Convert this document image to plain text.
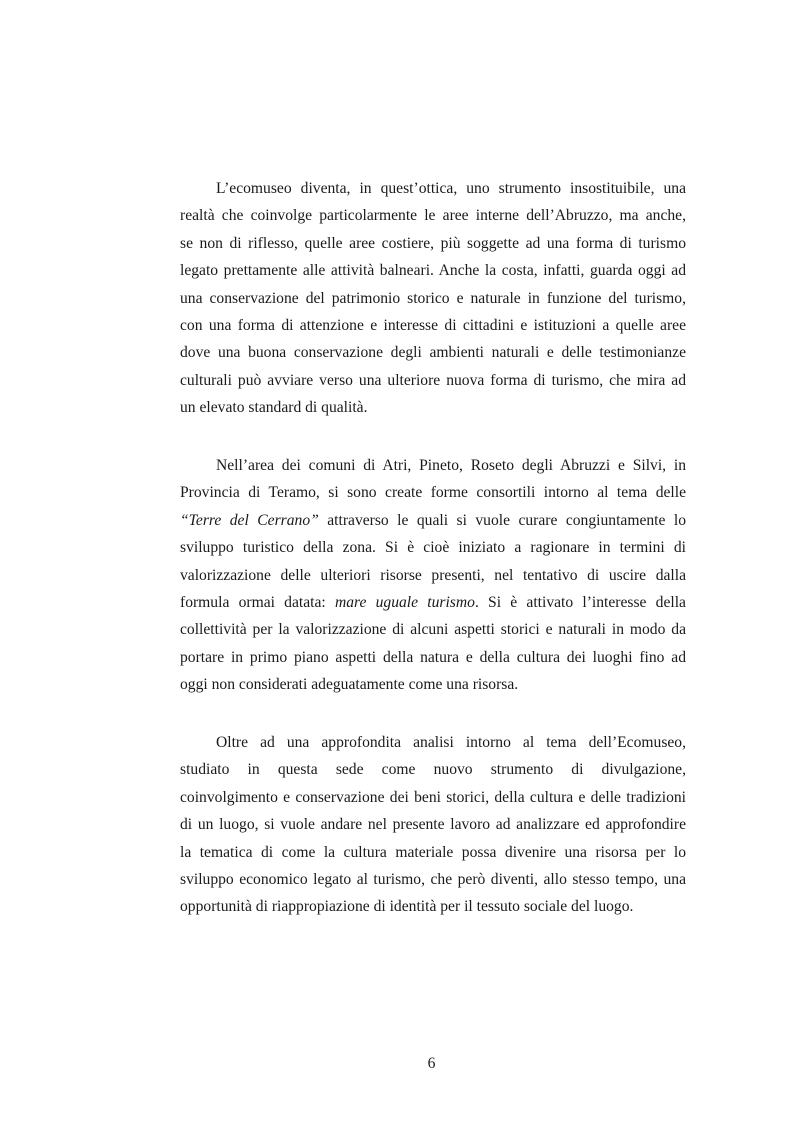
L’ecomuseo diventa, in quest’ottica, uno strumento insostituibile, una
realtà che coinvolge particolarmente le aree interne dell’Abruzzo, ma anche,
se non di riflesso, quelle aree costiere, più soggette ad una forma di turismo
legato prettamente alle attività balneari. Anche la costa, infatti, guarda oggi ad
una conservazione del patrimonio storico e naturale in funzione del turismo,
con una forma di attenzione e interesse di cittadini e istituzioni a quelle aree
dove una buona conservazione degli ambienti naturali e delle testimonianze
culturali può avviare verso una ulteriore nuova forma di turismo, che mira ad
un elevato standard di qualità.

Nell’area dei comuni di Atri, Pineto, Roseto degli Abruzzi e Silvi, in
Provincia di Teramo, si sono create forme consortili intorno al tema delle
“Terre del Cerrano” attraverso le quali si vuole curare congiuntamente lo
sviluppo turistico della zona. Si è cioè iniziato a ragionare in termini di
valorizzazione delle ulteriori risorse presenti, nel tentativo di uscire dalla
formula ormai datata: mare uguale turismo. Si è attivato l’interesse della
collettività per la valorizzazione di alcuni aspetti storici e naturali in modo da
portare in primo piano aspetti della natura e della cultura dei luoghi fino ad
oggi non considerati adeguatamente come una risorsa.

Oltre ad una approfondita analisi intorno al tema dell’Ecomuseo,
studiato in questa sede come nuovo strumento di divulgazione,
coinvolgimento e conservazione dei beni storici, della cultura e delle tradizioni
di un luogo, si vuole andare nel presente lavoro ad analizzare ed approfondire
la tematica di come la cultura materiale possa divenire una risorsa per lo
sviluppo economico legato al turismo, che però diventi, allo stesso tempo, una
opportunità di riappropiazione di identità per il tessuto sociale del luogo.

6
